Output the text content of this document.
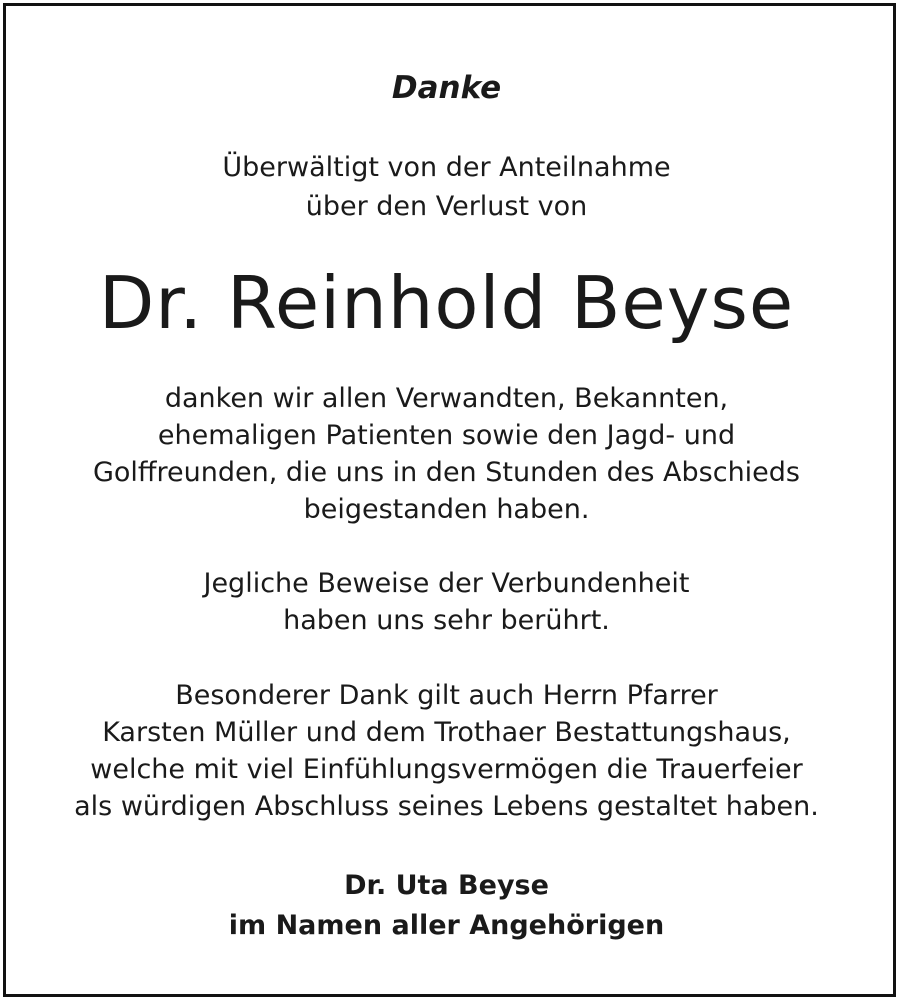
Danke
Überwältigt von der Anteilnahme
über den Verlust von
Dr. Reinhold Beyse
danken wir allen Verwandten, Bekannten,
ehemaligen Patienten sowie den Jagd- und
Golffreunden, die uns in den Stunden des Abschieds
beigestanden haben.
Jegliche Beweise der Verbundenheit
haben uns sehr berührt.
Besonderer Dank gilt auch Herrn Pfarrer
Karsten Müller und dem Trothaer Bestattungshaus,
welche mit viel Einfühlungsvermögen die Trauerfeier
als würdigen Abschluss seines Lebens gestaltet haben.
Dr. Uta Beyse
im Namen aller Angehörigen
